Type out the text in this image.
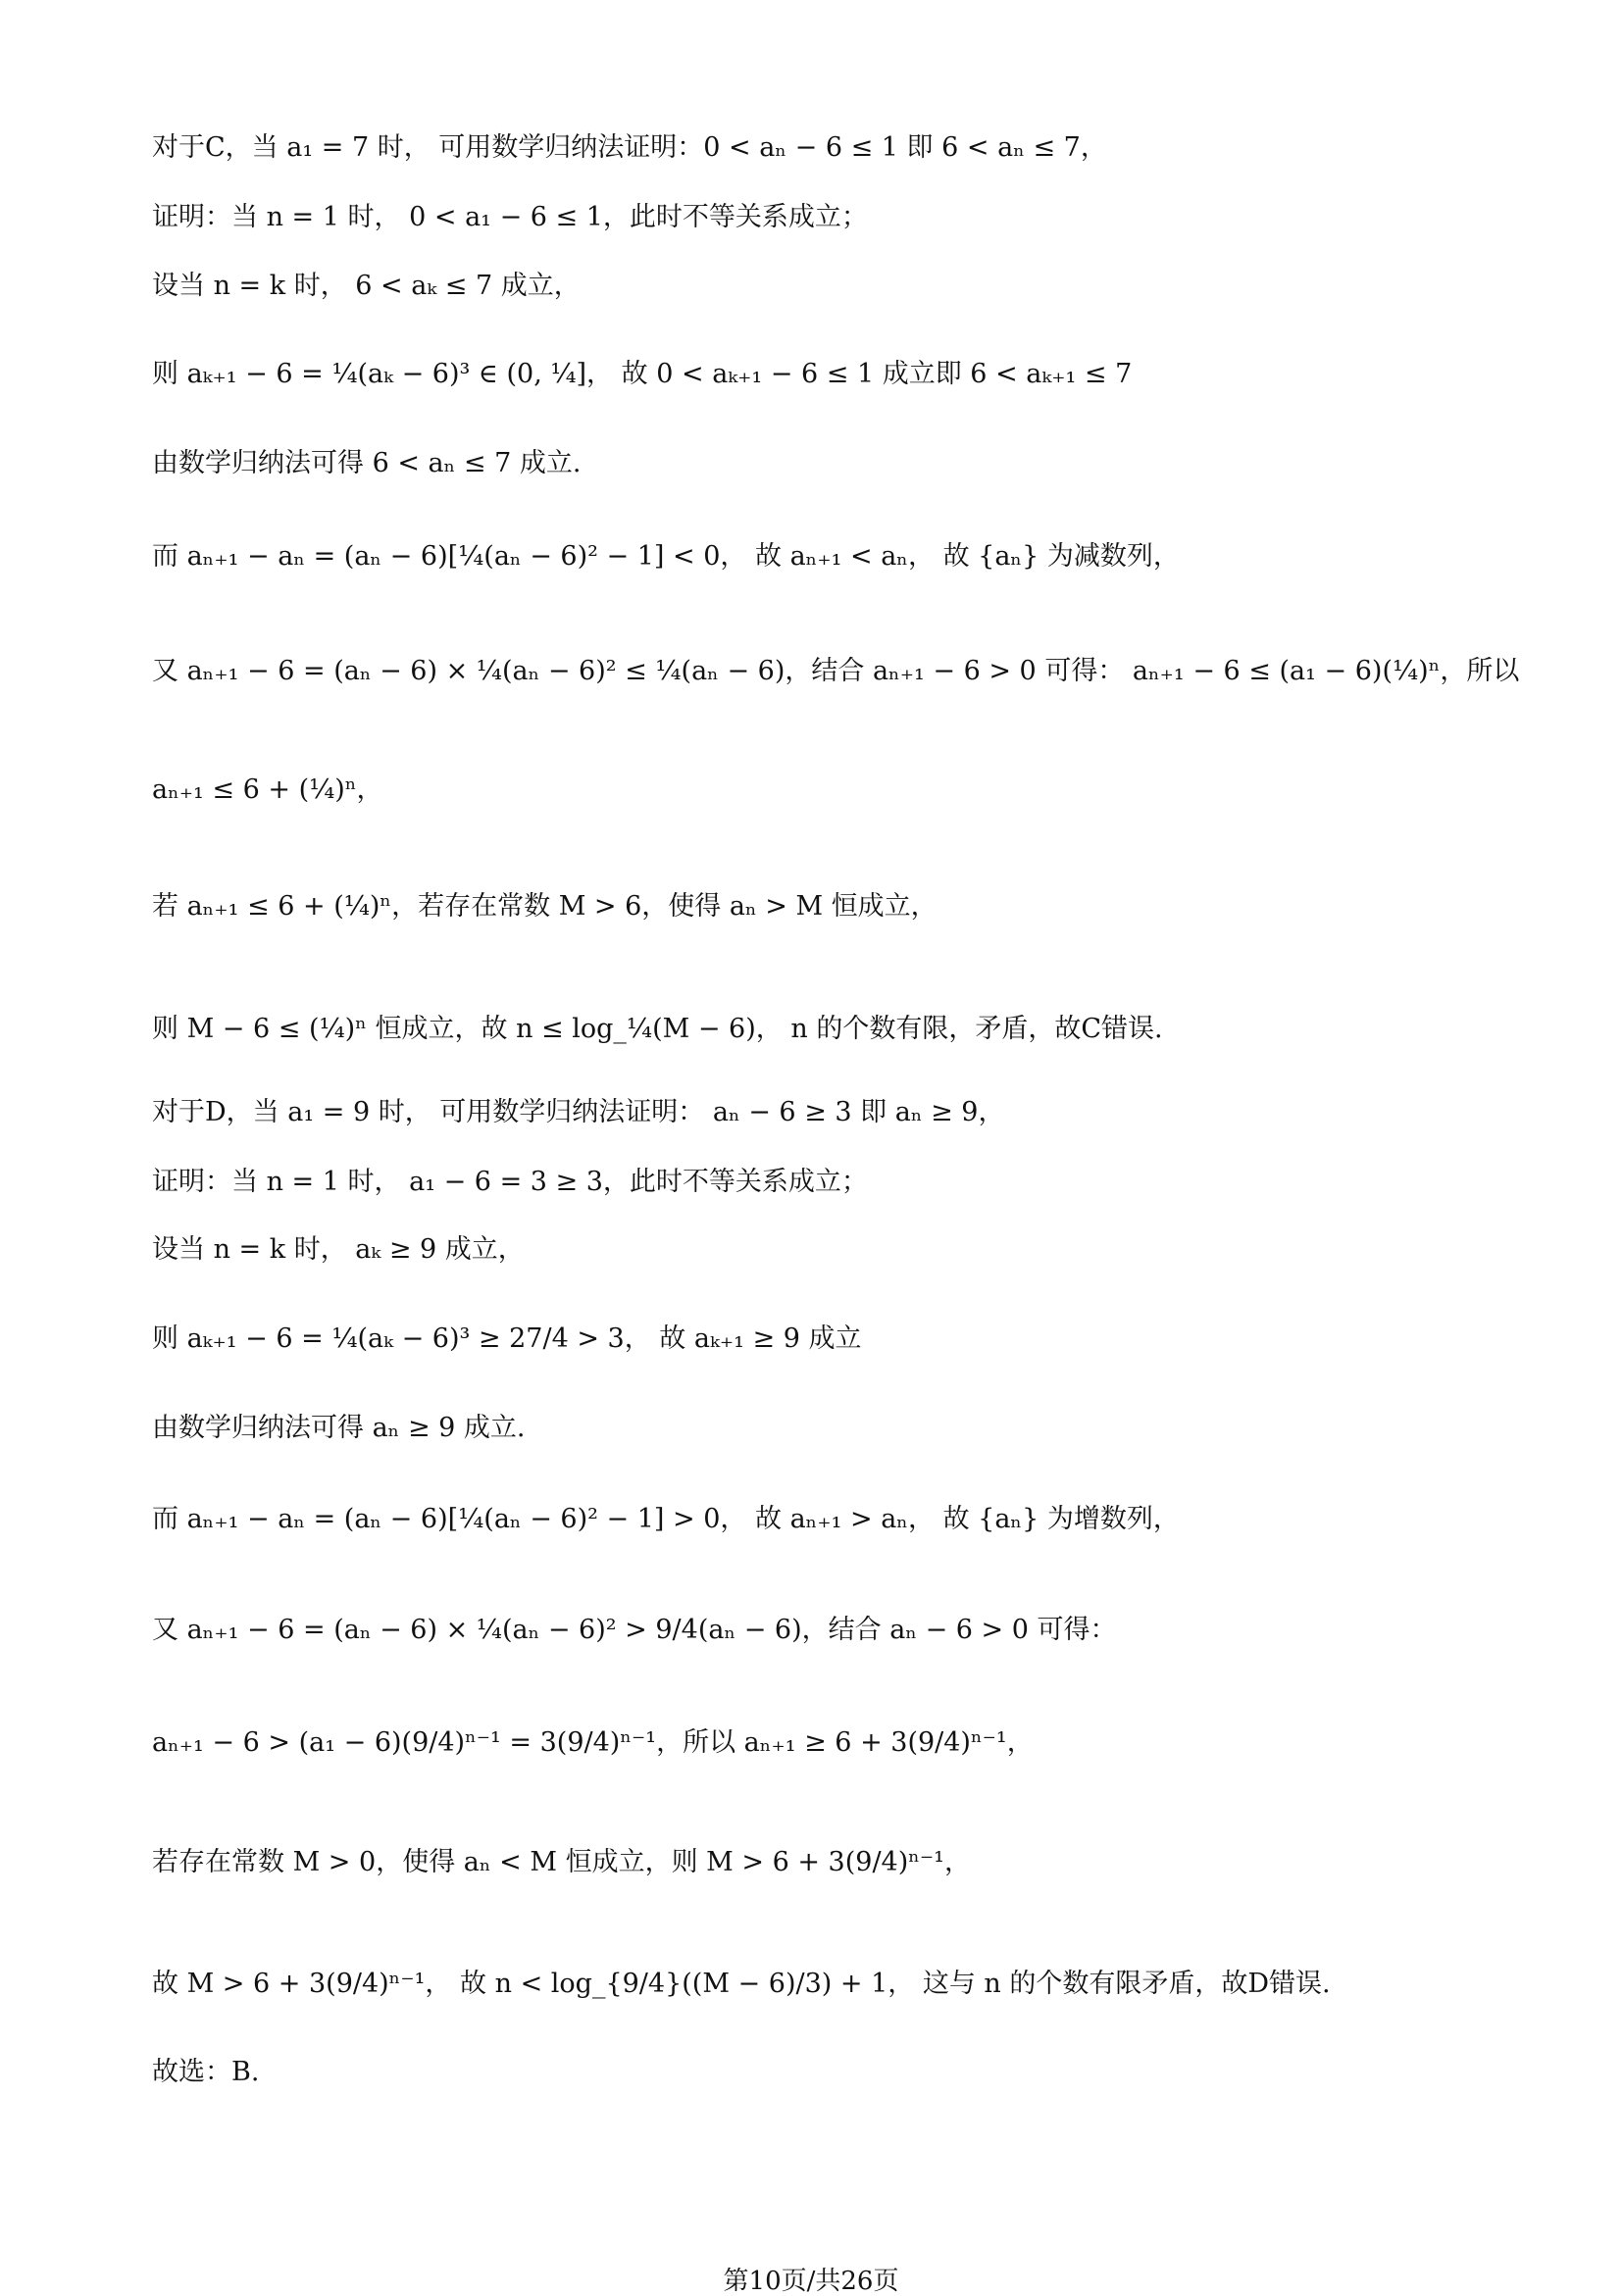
对于C，当 a₁ = 7 时， 可用数学归纳法证明：0 < aₙ − 6 ≤ 1 即 6 < aₙ ≤ 7，
证明：当 n = 1 时， 0 < a₁ − 6 ≤ 1，此时不等关系成立；
设当 n = k 时， 6 < aₖ ≤ 7 成立，
则 aₖ₊₁ − 6 = ¼(aₖ − 6)³ ∈ (0, ¼]， 故 0 < aₖ₊₁ − 6 ≤ 1 成立即 6 < aₖ₊₁ ≤ 7
由数学归纳法可得 6 < aₙ ≤ 7 成立.
而 aₙ₊₁ − aₙ = (aₙ − 6)[¼(aₙ − 6)² − 1] < 0， 故 aₙ₊₁ < aₙ， 故 {aₙ} 为减数列，
又 aₙ₊₁ − 6 = (aₙ − 6) × ¼(aₙ − 6)² ≤ ¼(aₙ − 6)，结合 aₙ₊₁ − 6 > 0 可得： aₙ₊₁ − 6 ≤ (a₁ − 6)(¼)ⁿ，所以
aₙ₊₁ ≤ 6 + (¼)ⁿ，
若 aₙ₊₁ ≤ 6 + (¼)ⁿ，若存在常数 M > 6，使得 aₙ > M 恒成立，
则 M − 6 ≤ (¼)ⁿ 恒成立，故 n ≤ log_¼(M − 6)， n 的个数有限，矛盾，故C错误.
对于D，当 a₁ = 9 时， 可用数学归纳法证明： aₙ − 6 ≥ 3 即 aₙ ≥ 9，
证明：当 n = 1 时， a₁ − 6 = 3 ≥ 3，此时不等关系成立；
设当 n = k 时， aₖ ≥ 9 成立，
则 aₖ₊₁ − 6 = ¼(aₖ − 6)³ ≥ 27/4 > 3， 故 aₖ₊₁ ≥ 9 成立
由数学归纳法可得 aₙ ≥ 9 成立.
而 aₙ₊₁ − aₙ = (aₙ − 6)[¼(aₙ − 6)² − 1] > 0， 故 aₙ₊₁ > aₙ， 故 {aₙ} 为增数列，
又 aₙ₊₁ − 6 = (aₙ − 6) × ¼(aₙ − 6)² > 9/4(aₙ − 6)，结合 aₙ − 6 > 0 可得：
aₙ₊₁ − 6 > (a₁ − 6)(9/4)ⁿ⁻¹ = 3(9/4)ⁿ⁻¹，所以 aₙ₊₁ ≥ 6 + 3(9/4)ⁿ⁻¹，
若存在常数 M > 0，使得 aₙ < M 恒成立，则 M > 6 + 3(9/4)ⁿ⁻¹，
故 M > 6 + 3(9/4)ⁿ⁻¹， 故 n < log_{9/4}((M − 6)/3) + 1， 这与 n 的个数有限矛盾，故D错误.
故选：B.
第10页/共26页
